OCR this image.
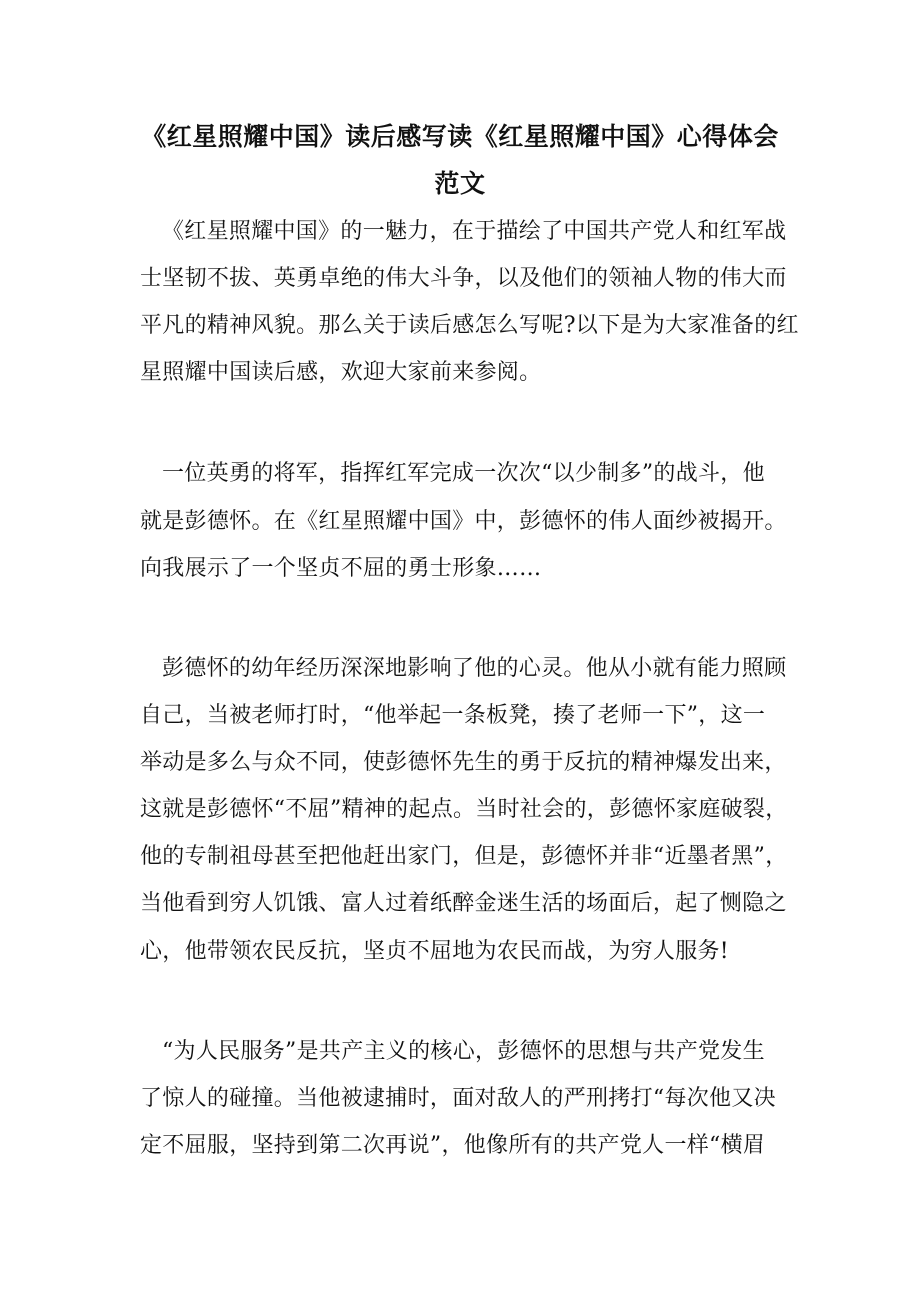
《红星照耀中国》读后感写读《红星照耀中国》心得体会
范文
《红星照耀中国》的一魅力，在于描绘了中国共产党人和红军战
士坚韧不拔、英勇卓绝的伟大斗争，以及他们的领袖人物的伟大而
平凡的精神风貌。那么关于读后感怎么写呢?以下是为大家准备的红
星照耀中国读后感，欢迎大家前来参阅。
一位英勇的将军，指挥红军完成一次次“以少制多”的战斗，他
就是彭德怀。在《红星照耀中国》中，彭德怀的伟人面纱被揭开。
向我展示了一个坚贞不屈的勇士形象……
彭德怀的幼年经历深深地影响了他的心灵。他从小就有能力照顾
自己，当被老师打时，“他举起一条板凳，揍了老师一下”，这一
举动是多么与众不同，使彭德怀先生的勇于反抗的精神爆发出来，
这就是彭德怀“不屈”精神的起点。当时社会的，彭德怀家庭破裂，
他的专制祖母甚至把他赶出家门，但是，彭德怀并非“近墨者黑”，
当他看到穷人饥饿、富人过着纸醉金迷生活的场面后，起了恻隐之
心，他带领农民反抗，坚贞不屈地为农民而战，为穷人服务!
“为人民服务”是共产主义的核心，彭德怀的思想与共产党发生
了惊人的碰撞。当他被逮捕时，面对敌人的严刑拷打“每次他又决
定不屈服，坚持到第二次再说”，他像所有的共产党人一样“横眉
